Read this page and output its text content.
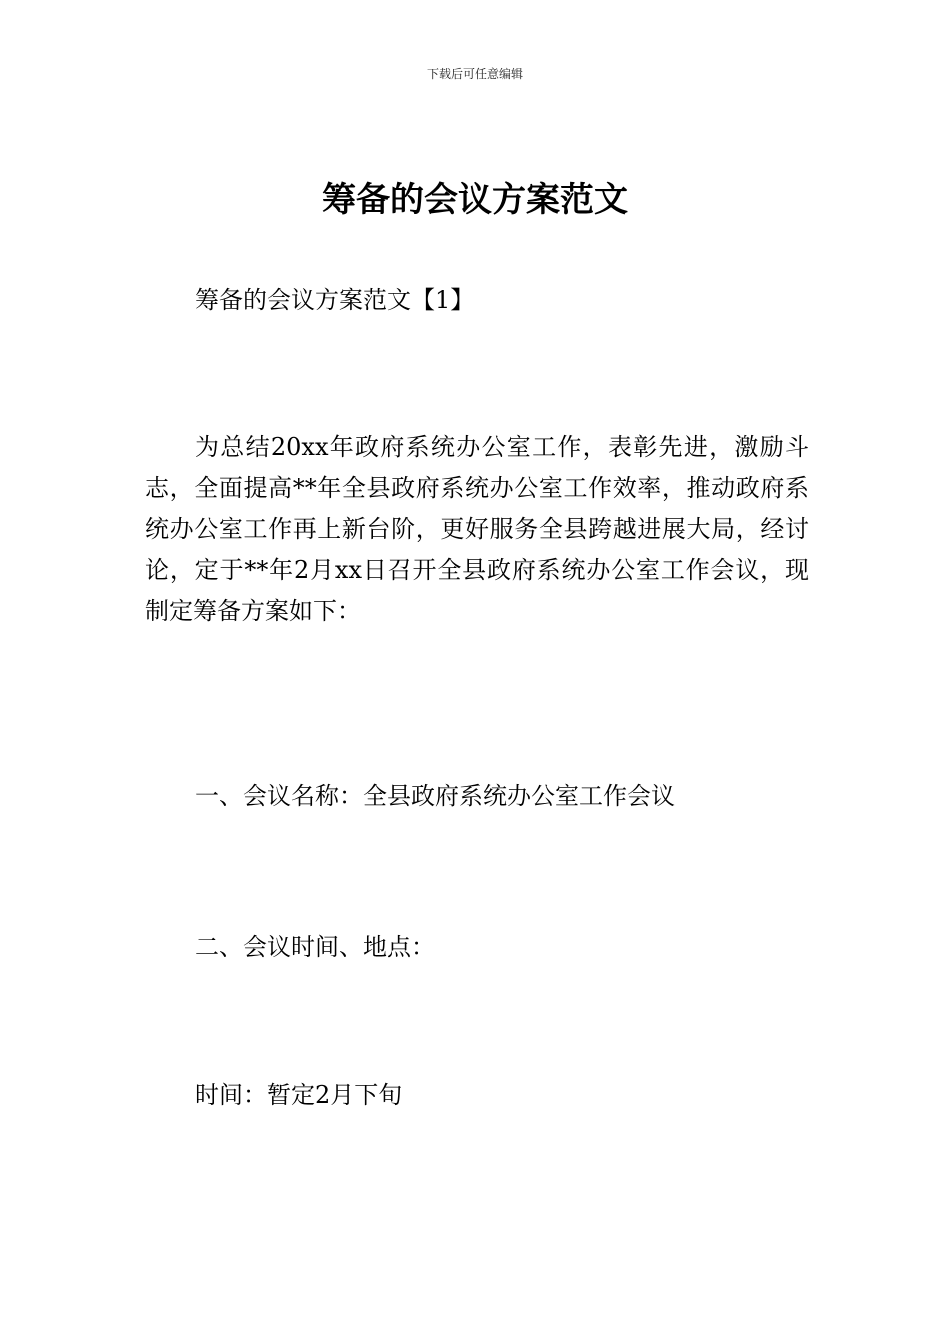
下载后可任意编辑
筹备的会议方案范文

筹备的会议方案范文【1】

为总结20xx年政府系统办公室工作，表彰先进，激励斗志，全面提高**年全县政府系统办公室工作效率，推动政府系统办公室工作再上新台阶，更好服务全县跨越进展大局，经讨论，定于**年2月xx日召开全县政府系统办公室工作会议，现制定筹备方案如下：

一、会议名称：全县政府系统办公室工作会议

二、会议时间、地点：

时间：暂定2月下旬
